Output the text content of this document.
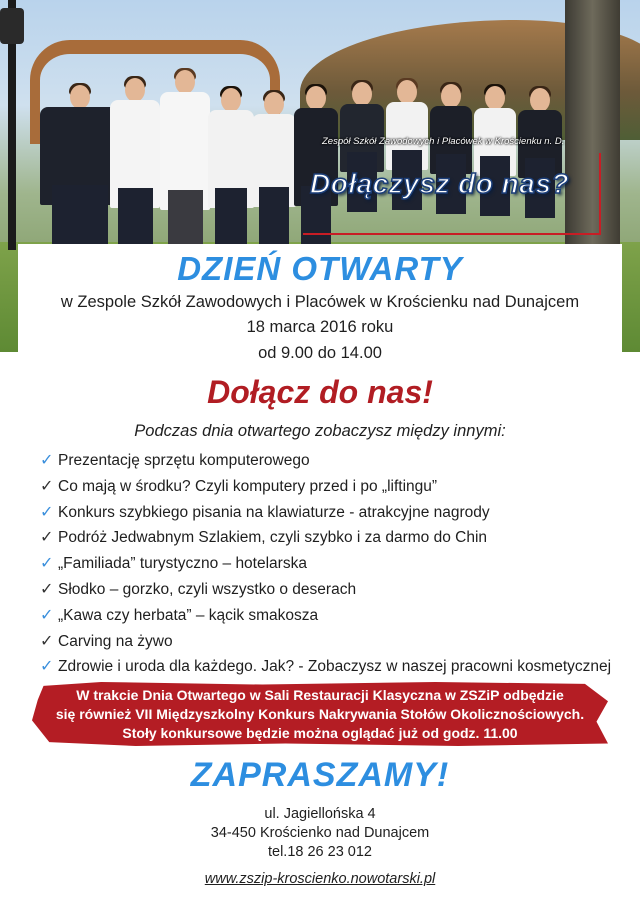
Zespół Szkół Zawodowych i Placówek w Krościenku n. D.
Dołączysz do nas?
DZIEŃ OTWARTY
w Zespole Szkół Zawodowych i Placówek w Krościenku nad Dunajcem
18 marca 2016 roku
od 9.00 do 14.00
Dołącz do nas!
Podczas dnia otwartego zobaczysz między innymi:
✓ Prezentację sprzętu komputerowego
✓ Co mają w środku? Czyli komputery przed i po „liftingu”
✓ Konkurs szybkiego pisania na klawiaturze - atrakcyjne nagrody
✓ Podróż Jedwabnym Szlakiem, czyli szybko i za darmo do Chin
✓ „Familiada” turystyczno – hotelarska
✓ Słodko – gorzko, czyli wszystko o deserach
✓ „Kawa czy herbata” – kącik smakosza
✓ Carving na żywo
✓ Zdrowie i uroda dla każdego. Jak? - Zobaczysz w naszej pracowni kosmetycznej
W trakcie Dnia Otwartego w Sali Restauracji Klasyczna w ZSZiP odbędzie
się również VII Międzyszkolny Konkurs Nakrywania Stołów Okolicznościowych.
Stoły konkursowe będzie można oglądać już od godz. 11.00
ZAPRASZAMY!
ul. Jagiellońska 4
34-450 Krościenko nad Dunajcem
tel.18 26 23 012
www.zszip-kroscienko.nowotarski.pl
